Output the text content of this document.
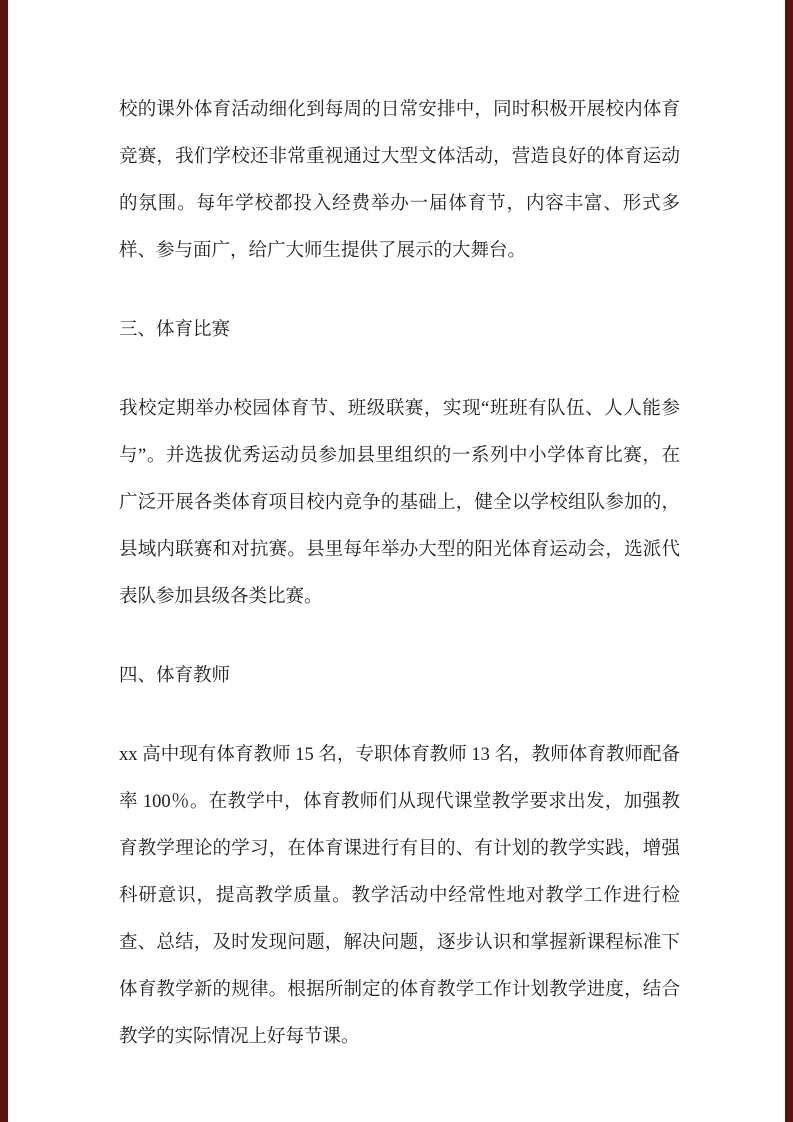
校的课外体育活动细化到每周的日常安排中，同时积极开展校内体育竞赛，我们学校还非常重视通过大型文体活动，营造良好的体育运动的氛围。每年学校都投入经费举办一届体育节，内容丰富、形式多样、参与面广，给广大师生提供了展示的大舞台。

三、体育比赛

我校定期举办校园体育节、班级联赛，实现“班班有队伍、人人能参与”。并选拔优秀运动员参加县里组织的一系列中小学体育比赛，在广泛开展各类体育项目校内竞争的基础上，健全以学校组队参加的，县域内联赛和对抗赛。县里每年举办大型的阳光体育运动会，选派代表队参加县级各类比赛。

四、体育教师

xx 高中现有体育教师 15 名，专职体育教师 13 名，教师体育教师配备率 100％。在教学中，体育教师们从现代课堂教学要求出发，加强教育教学理论的学习，在体育课进行有目的、有计划的教学实践，增强科研意识，提高教学质量。教学活动中经常性地对教学工作进行检查、总结，及时发现问题，解决问题，逐步认识和掌握新课程标准下体育教学新的规律。根据所制定的体育教学工作计划教学进度，结合教学的实际情况上好每节课。
